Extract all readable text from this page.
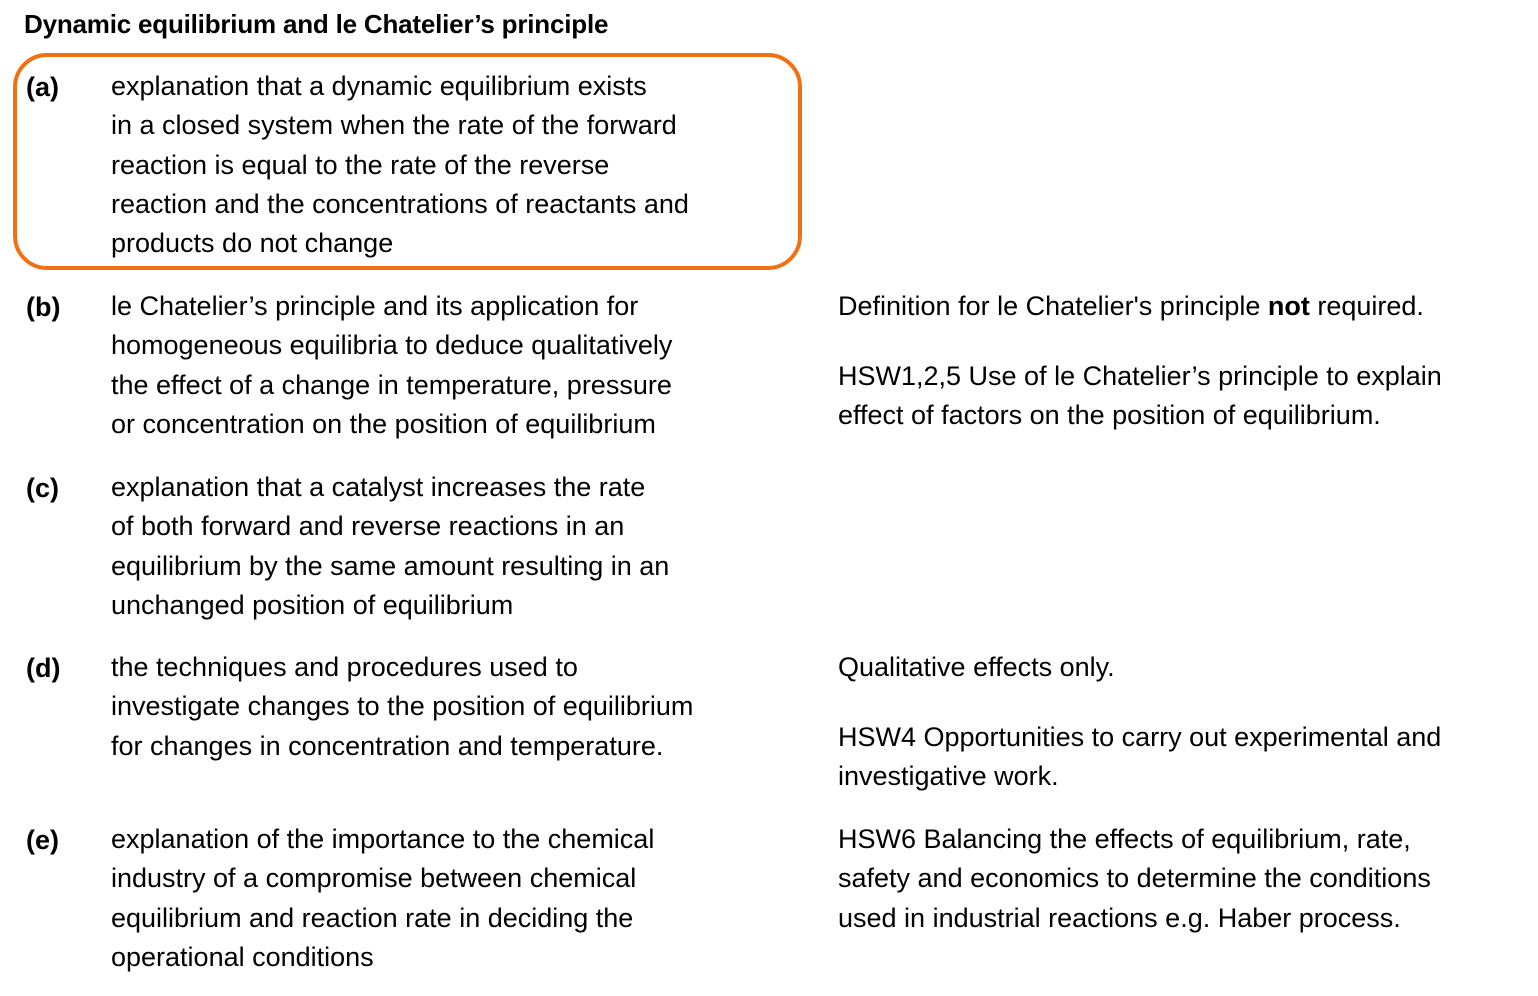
Dynamic equilibrium and le Chatelier’s principle
(a) explanation that a dynamic equilibrium exists
in a closed system when the rate of the forward
reaction is equal to the rate of the reverse
reaction and the concentrations of reactants and
products do not change
(b) le Chatelier’s principle and its application for
homogeneous equilibria to deduce qualitatively
the effect of a change in temperature, pressure
or concentration on the position of equilibrium
Definition for le Chatelier's principle not required.
HSW1,2,5 Use of le Chatelier’s principle to explain
effect of factors on the position of equilibrium.
(c) explanation that a catalyst increases the rate
of both forward and reverse reactions in an
equilibrium by the same amount resulting in an
unchanged position of equilibrium
(d) the techniques and procedures used to
investigate changes to the position of equilibrium
for changes in concentration and temperature.
Qualitative effects only.
HSW4 Opportunities to carry out experimental and
investigative work.
(e) explanation of the importance to the chemical
industry of a compromise between chemical
equilibrium and reaction rate in deciding the
operational conditions
HSW6 Balancing the effects of equilibrium, rate,
safety and economics to determine the conditions
used in industrial reactions e.g. Haber process.
